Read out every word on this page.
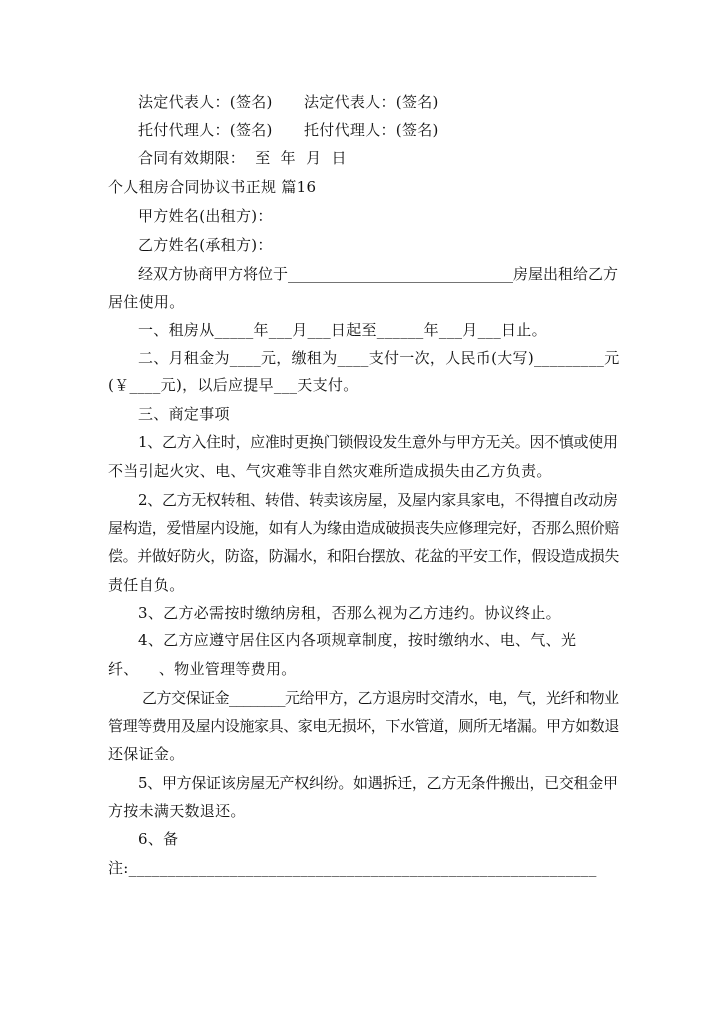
法定代表人：(签名) 法定代表人：(签名)
托付代理人：(签名) 托付代理人：(签名)
合同有效期限：  至  年  月  日
个人租房合同协议书正规 篇16
甲方姓名(出租方)：
乙方姓名(承租方)：
经双方协商甲方将位于______________________________房屋出租给乙方
居住使用。
一、租房从_____年___月___日起至______年___月___日止。
二、月租金为____元，缴租为____支付一次，人民币(大写)_________元
(￥____元)，以后应提早___天支付。
三、商定事项
1、乙方入住时，应准时更换门锁假设发生意外与甲方无关。因不慎或使用
不当引起火灾、电、气灾难等非自然灾难所造成损失由乙方负责。
2、乙方无权转租、转借、转卖该房屋，及屋内家具家电，不得擅自改动房
屋构造，爱惜屋内设施，如有人为缘由造成破损丧失应修理完好，否那么照价赔
偿。并做好防火，防盗，防漏水，和阳台摆放、花盆的平安工作，假设造成损失
责任自负。
3、乙方必需按时缴纳房租，否那么视为乙方违约。协议终止。
4、乙方应遵守居住区内各项规章制度，按时缴纳水、电、气、光
纤、    、物业管理等费用。
乙方交保证金________元给甲方，乙方退房时交清水，电，气，光纤和物业
管理等费用及屋内设施家具、家电无损坏，下水管道，厕所无堵漏。甲方如数退
还保证金。
5、甲方保证该房屋无产权纠纷。如遇拆迁，乙方无条件搬出，已交租金甲
方按未满天数退还。
6、备
注:____________________________________________________________
